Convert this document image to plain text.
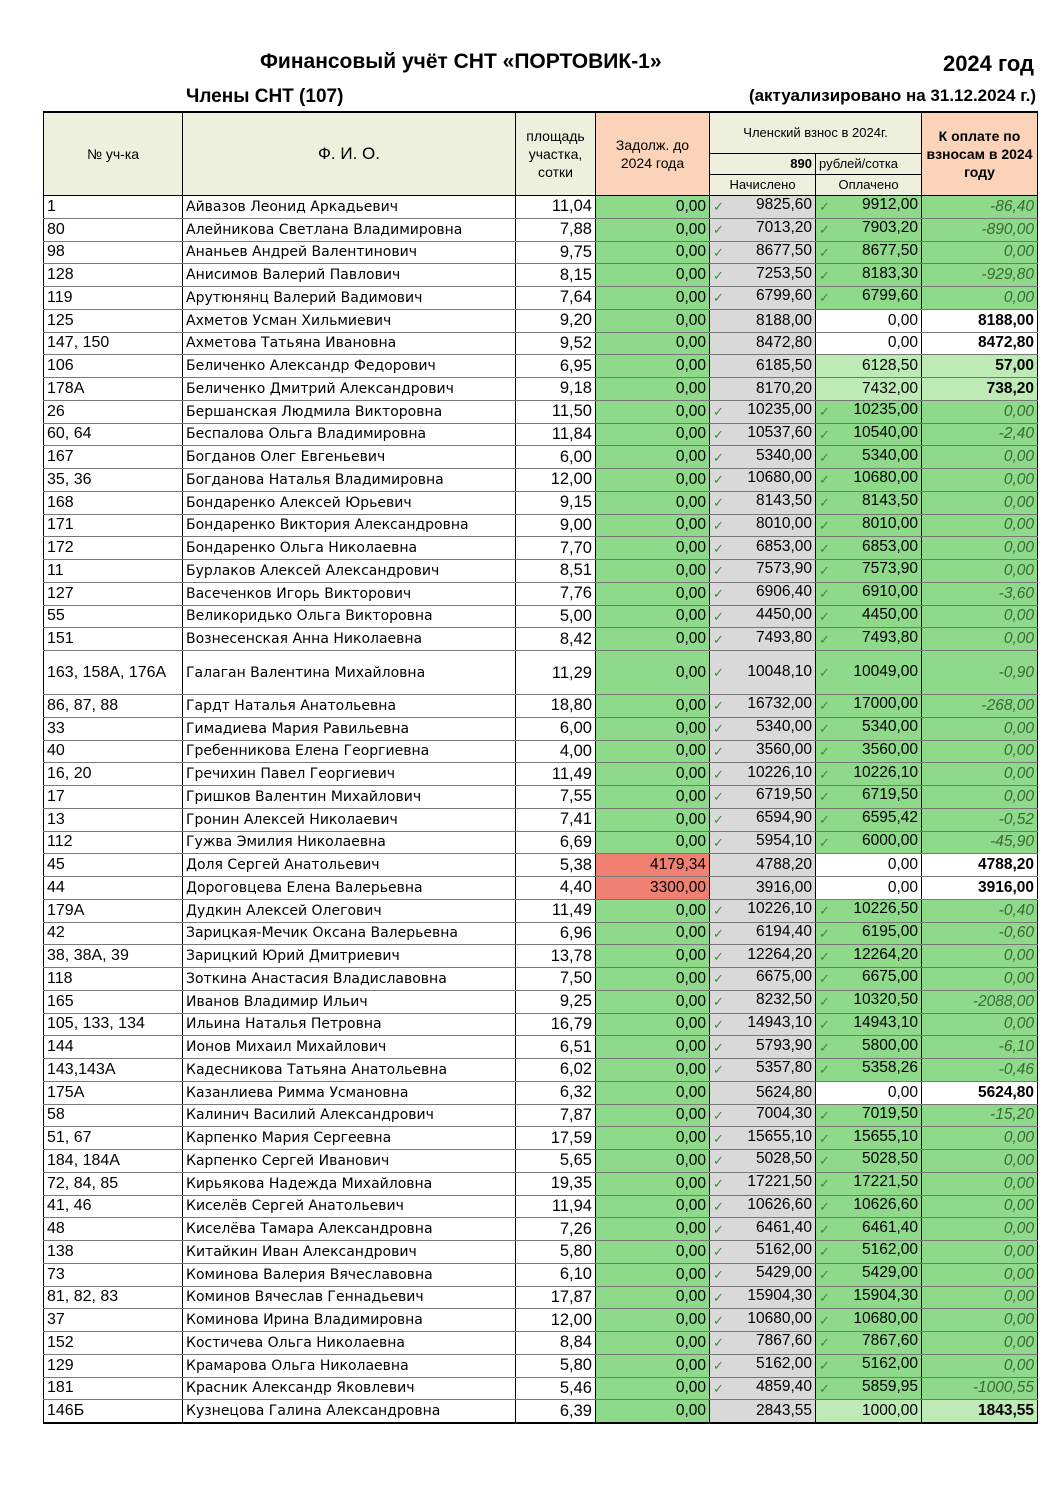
Финансовый учёт СНТ «ПОРТОВИК-1»	2024 год
Члены СНТ (107)	(актуализировано на 31.12.2024 г.)
№ уч-ка	Ф. И. О.	площадь участка, сотки	Задолж. до 2024 года	Членский взнос в 2024г.		К оплате по взносам в 2024 году
				890	рублей/сотка	
				Начислено	Оплачено	
1	Айвазов Леонид Аркадьевич	11,04	0,00	✓ 9825,60	✓ 9912,00	-86,40
80	Алейникова Светлана Владимировна	7,88	0,00	✓ 7013,20	✓ 7903,20	-890,00
98	Ананьев Андрей Валентинович	9,75	0,00	✓ 8677,50	✓ 8677,50	0,00
128	Анисимов Валерий Павлович	8,15	0,00	✓ 7253,50	✓ 8183,30	-929,80
119	Арутюнянц Валерий Вадимович	7,64	0,00	✓ 6799,60	✓ 6799,60	0,00
125	Ахметов Усман Хильмиевич	9,20	0,00	8188,00	0,00	8188,00
147, 150	Ахметова Татьяна Ивановна	9,52	0,00	8472,80	0,00	8472,80
106	Беличенко Александр Федорович	6,95	0,00	6185,50	6128,50	57,00
178А	Беличенко Дмитрий Александрович	9,18	0,00	8170,20	7432,00	738,20
26	Бершанская Людмила Викторовна	11,50	0,00	✓ 10235,00	✓ 10235,00	0,00
60, 64	Беспалова Ольга Владимировна	11,84	0,00	✓ 10537,60	✓ 10540,00	-2,40
167	Богданов Олег Евгеньевич	6,00	0,00	✓ 5340,00	✓ 5340,00	0,00
35, 36	Богданова Наталья Владимировна	12,00	0,00	✓ 10680,00	✓ 10680,00	0,00
168	Бондаренко Алексей Юрьевич	9,15	0,00	✓ 8143,50	✓ 8143,50	0,00
171	Бондаренко Виктория Александровна	9,00	0,00	✓ 8010,00	✓ 8010,00	0,00
172	Бондаренко Ольга Николаевна	7,70	0,00	✓ 6853,00	✓ 6853,00	0,00
11	Бурлаков Алексей Александрович	8,51	0,00	✓ 7573,90	✓ 7573,90	0,00
127	Васеченков Игорь Викторович	7,76	0,00	✓ 6906,40	✓ 6910,00	-3,60
55	Великоридько Ольга Викторовна	5,00	0,00	✓ 4450,00	✓ 4450,00	0,00
151	Вознесенская Анна Николаевна	8,42	0,00	✓ 7493,80	✓ 7493,80	0,00
163, 158А, 176А	Галаган Валентина Михайловна	11,29	0,00	✓ 10048,10	✓ 10049,00	-0,90
86, 87, 88	Гардт Наталья Анатольевна	18,80	0,00	✓ 16732,00	✓ 17000,00	-268,00
33	Гимадиева Мария Равильевна	6,00	0,00	✓ 5340,00	✓ 5340,00	0,00
40	Гребенникова Елена Георгиевна	4,00	0,00	✓ 3560,00	✓ 3560,00	0,00
16, 20	Гречихин Павел Георгиевич	11,49	0,00	✓ 10226,10	✓ 10226,10	0,00
17	Гришков Валентин Михайлович	7,55	0,00	✓ 6719,50	✓ 6719,50	0,00
13	Гронин Алексей Николаевич	7,41	0,00	✓ 6594,90	✓ 6595,42	-0,52
112	Гужва Эмилия Николаевна	6,69	0,00	✓ 5954,10	✓ 6000,00	-45,90
45	Доля Сергей Анатольевич	5,38	4179,34	4788,20	0,00	4788,20
44	Дороговцева Елена Валерьевна	4,40	3300,00	3916,00	0,00	3916,00
179А	Дудкин Алексей Олегович	11,49	0,00	✓ 10226,10	✓ 10226,50	-0,40
42	Зарицкая-Мечик Оксана Валерьевна	6,96	0,00	✓ 6194,40	✓ 6195,00	-0,60
38, 38А, 39	Зарицкий Юрий Дмитриевич	13,78	0,00	✓ 12264,20	✓ 12264,20	0,00
118	Зоткина Анастасия Владиславовна	7,50	0,00	✓ 6675,00	✓ 6675,00	0,00
165	Иванов Владимир Ильич	9,25	0,00	✓ 8232,50	✓ 10320,50	-2088,00
105, 133, 134	Ильина Наталья Петровна	16,79	0,00	✓ 14943,10	✓ 14943,10	0,00
144	Ионов Михаил Михайлович	6,51	0,00	✓ 5793,90	✓ 5800,00	-6,10
143,143А	Кадесникова Татьяна Анатольевна	6,02	0,00	✓ 5357,80	✓ 5358,26	-0,46
175А	Казанлиева Римма Усмановна	6,32	0,00	5624,80	0,00	5624,80
58	Калинич Василий Александрович	7,87	0,00	✓ 7004,30	✓ 7019,50	-15,20
51, 67	Карпенко Мария Сергеевна	17,59	0,00	✓ 15655,10	✓ 15655,10	0,00
184, 184А	Карпенко Сергей Иванович	5,65	0,00	✓ 5028,50	✓ 5028,50	0,00
72, 84, 85	Кирьякова Надежда Михайловна	19,35	0,00	✓ 17221,50	✓ 17221,50	0,00
41, 46	Киселёв Сергей Анатольевич	11,94	0,00	✓ 10626,60	✓ 10626,60	0,00
48	Киселёва Тамара Александровна	7,26	0,00	✓ 6461,40	✓ 6461,40	0,00
138	Китайкин Иван Александрович	5,80	0,00	✓ 5162,00	✓ 5162,00	0,00
73	Коминова Валерия Вячеславовна	6,10	0,00	✓ 5429,00	✓ 5429,00	0,00
81, 82, 83	Коминов Вячеслав Геннадьевич	17,87	0,00	✓ 15904,30	✓ 15904,30	0,00
37	Коминова Ирина Владимировна	12,00	0,00	✓ 10680,00	✓ 10680,00	0,00
152	Костичева Ольга Николаевна	8,84	0,00	✓ 7867,60	✓ 7867,60	0,00
129	Крамарова Ольга Николаевна	5,80	0,00	✓ 5162,00	✓ 5162,00	0,00
181	Красник Александр Яковлевич	5,46	0,00	✓ 4859,40	✓ 5859,95	-1000,55
146Б	Кузнецова Галина Александровна	6,39	0,00	2843,55	1000,00	1843,55
